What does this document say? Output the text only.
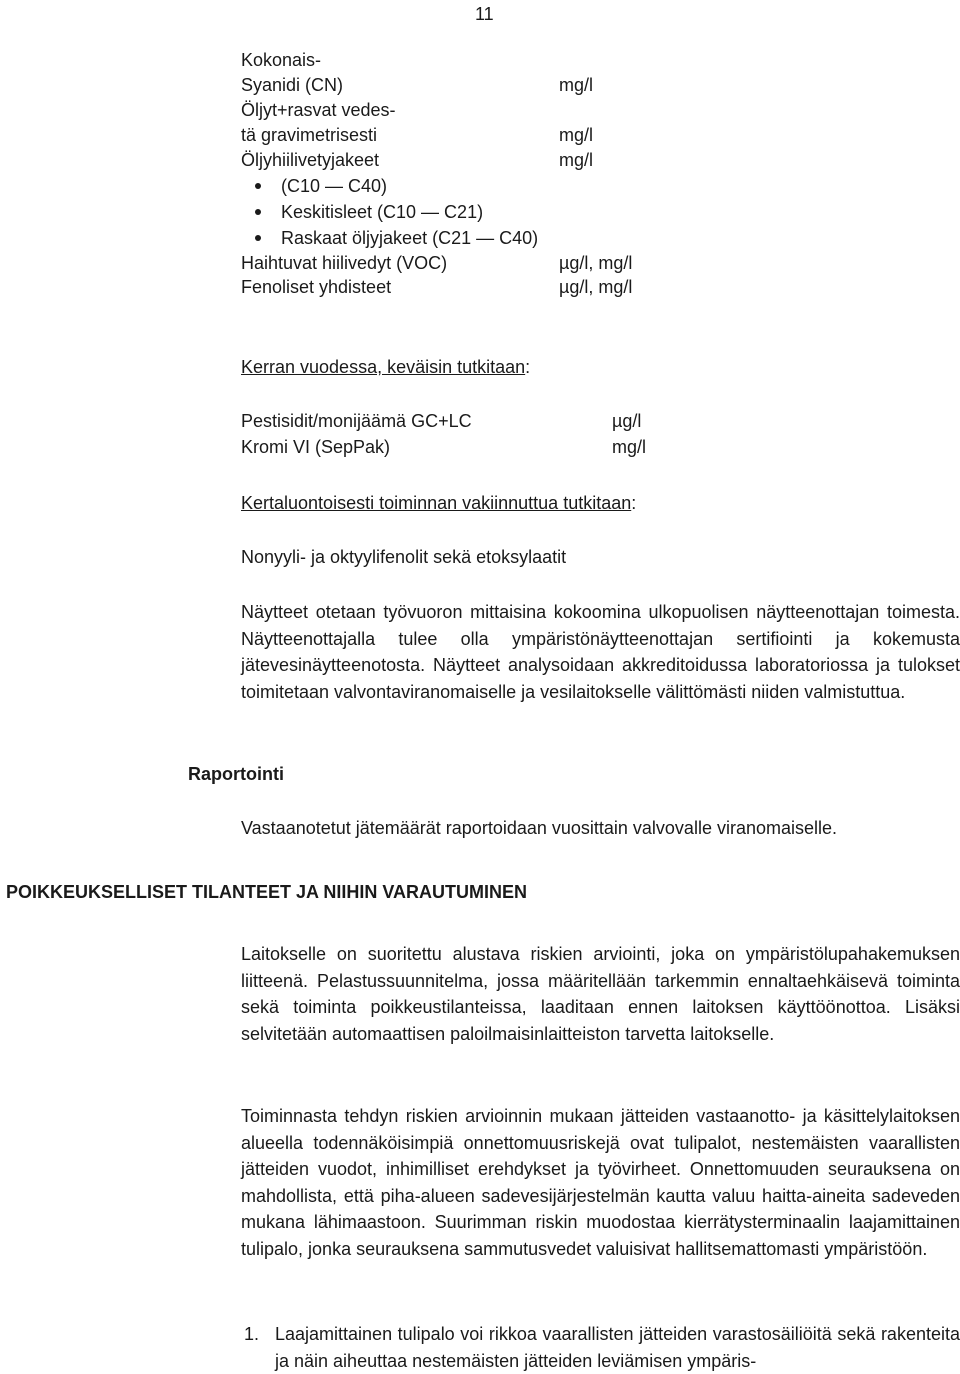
11
Kokonais-
Syanidi (CN)	mg/l
Öljyt+rasvat vedes-
tä gravimetrisesti	mg/l
Öljyhiilivetyjakeet	mg/l
(C10 — C40)
Keskitisleet (C10 — C21)
Raskaat öljyjakeet (C21 — C40)
Haihtuvat hiilivedyt (VOC)	µg/l, mg/l
Fenoliset yhdisteet	µg/l, mg/l
Kerran vuodessa, keväisin tutkitaan:
Pestisidit/monijäämä GC+LC	µg/l
Kromi VI (SepPak)	mg/l
Kertaluontoisesti toiminnan vakiinnuttua tutkitaan:
Nonyyli- ja oktyylifenolit sekä etoksylaatit
Näytteet otetaan työvuoron mittaisina kokoomina ulkopuolisen näytteenottajan toimesta. Näytteenottajalla tulee olla ympäristönäytteenottajan sertifiointi ja kokemusta jätevesinäytteenotosta. Näytteet analysoidaan akkreditoidussa laboratoriossa ja tulokset toimitetaan valvontaviranomaiselle ja vesilaitokselle välittömästi niiden valmistuttua.
Raportointi
Vastaanotetut jätemäärät raportoidaan vuosittain valvovalle viranomaiselle.
POIKKEUKSELLISET TILANTEET JA NIIHIN VARAUTUMINEN
Laitokselle on suoritettu alustava riskien arviointi, joka on ympäristölupahakemuksen liitteenä. Pelastussuunnitelma, jossa määritellään tarkemmin ennaltaehkäisevä toiminta sekä toiminta poikkeustilanteissa, laaditaan ennen laitoksen käyttöönottoa. Lisäksi selvitetään automaattisen paloilmaisinlaitteiston tarvetta laitokselle.
Toiminnasta tehdyn riskien arvioinnin mukaan jätteiden vastaanotto- ja käsittelylaitoksen alueella todennäköisimpiä onnettomuusriskejä ovat tulipalot, nestemäisten vaarallisten jätteiden vuodot, inhimilliset erehdykset ja työvirheet. Onnettomuuden seurauksena on mahdollista, että piha-alueen sadevesijärjestelmän kautta valuu haitta-aineita sadeveden mukana lähimaastoon. Suurimman riskin muodostaa kierrätysterminaalin laajamittainen tulipalo, jonka seurauksena sammutusvedet valuisivat hallitsemattomasti ympäristöön.
1. Laajamittainen tulipalo voi rikkoa vaarallisten jätteiden varastosäiliöitä sekä rakenteita ja näin aiheuttaa nestemäisten jätteiden leviämisen ympäris-
